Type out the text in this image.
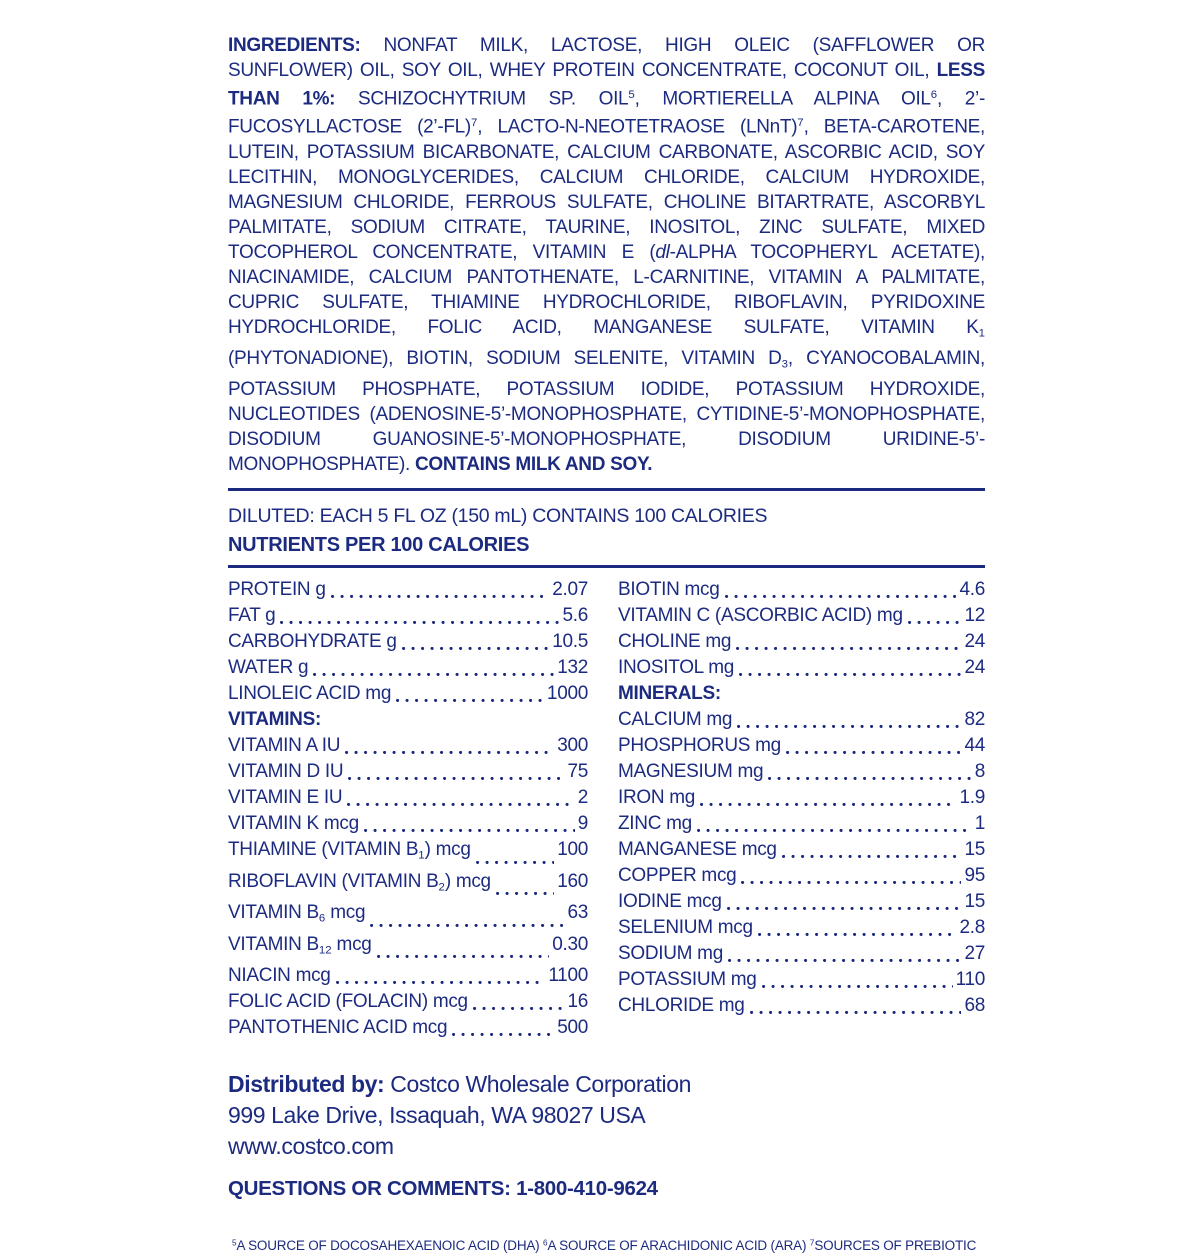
INGREDIENTS: NONFAT MILK, LACTOSE, HIGH OLEIC (SAFFLOWER OR SUNFLOWER) OIL, SOY OIL, WHEY PROTEIN CONCENTRATE, COCONUT OIL, LESS THAN 1%: SCHIZOCHYTRIUM SP. OIL$^5$, MORTIERELLA ALPINA OIL$^6$, 2’-FUCOSYLLACTOSE (2’-FL)$^7$, LACTO-N-NEOTETRAOSE (LNnT)$^7$, BETA-CAROTENE, LUTEIN, POTASSIUM BICARBONATE, CALCIUM CARBONATE, ASCORBIC ACID, SOY LECITHIN, MONOGLYCERIDES, CALCIUM CHLORIDE, CALCIUM HYDROXIDE, MAGNESIUM CHLORIDE, FERROUS SULFATE, CHOLINE BITARTRATE, ASCORBYL PALMITATE, SODIUM CITRATE, TAURINE, INOSITOL, ZINC SULFATE, MIXED TOCOPHEROL CONCENTRATE, VITAMIN E (dl-ALPHA TOCOPHERYL ACETATE), NIACINAMIDE, CALCIUM PANTOTHENATE, L-CARNITINE, VITAMIN A PALMITATE, CUPRIC SULFATE, THIAMINE HYDROCHLORIDE, RIBOFLAVIN, PYRIDOXINE HYDROCHLORIDE, FOLIC ACID, MANGANESE SULFATE, VITAMIN $K_1$ (PHYTONADIONE), BIOTIN, SODIUM SELENITE, VITAMIN $D_3$, CYANOCOBALAMIN, POTASSIUM PHOSPHATE, POTASSIUM IODIDE, POTASSIUM HYDROXIDE, NUCLEOTIDES (ADENOSINE-5’-MONOPHOSPHATE, CYTIDINE-5’-MONOPHOSPHATE, DISODIUM GUANOSINE-5’-MONOPHOSPHATE, DISODIUM URIDINE-5’-MONOPHOSPHATE). CONTAINS MILK AND SOY.

DILUTED: EACH 5 FL OZ (150 mL) CONTAINS 100 CALORIES
NUTRIENTS PER 100 CALORIES
PROTEIN g	2.07
FAT g	5.6
CARBOHYDRATE g	10.5
WATER g	132
LINOLEIC ACID mg	1000
VITAMINS:
VITAMIN A IU	300
VITAMIN D IU	75
VITAMIN E IU	2
VITAMIN K mcg	9
THIAMINE (VITAMIN $B_1$) mcg	100
RIBOFLAVIN (VITAMIN $B_2$) mcg	160
VITAMIN $B_6$ mcg	63
VITAMIN $B_{12}$ mcg	0.30
NIACIN mcg	1100
FOLIC ACID (FOLACIN) mcg	16
PANTOTHENIC ACID mcg	500
BIOTIN mcg	4.6
VITAMIN C (ASCORBIC ACID) mg	12
CHOLINE mg	24
INOSITOL mg	24
MINERALS:
CALCIUM mg	82
PHOSPHORUS mg	44
MAGNESIUM mg	8
IRON mg	1.9
ZINC mg	1
MANGANESE mcg	15
COPPER mcg	95
IODINE mcg	15
SELENIUM mcg	2.8
SODIUM mg	27
POTASSIUM mg	110
CHLORIDE mg	68
Distributed by: Costco Wholesale Corporation
999 Lake Drive, Issaquah, WA 98027 USA
www.costco.com
QUESTIONS OR COMMENTS: 1-800-410-9624
$^5$A SOURCE OF DOCOSAHEXAENOIC ACID (DHA) $^6$A SOURCE OF ARACHIDONIC ACID (ARA) $^7$SOURCES OF PREBIOTIC
